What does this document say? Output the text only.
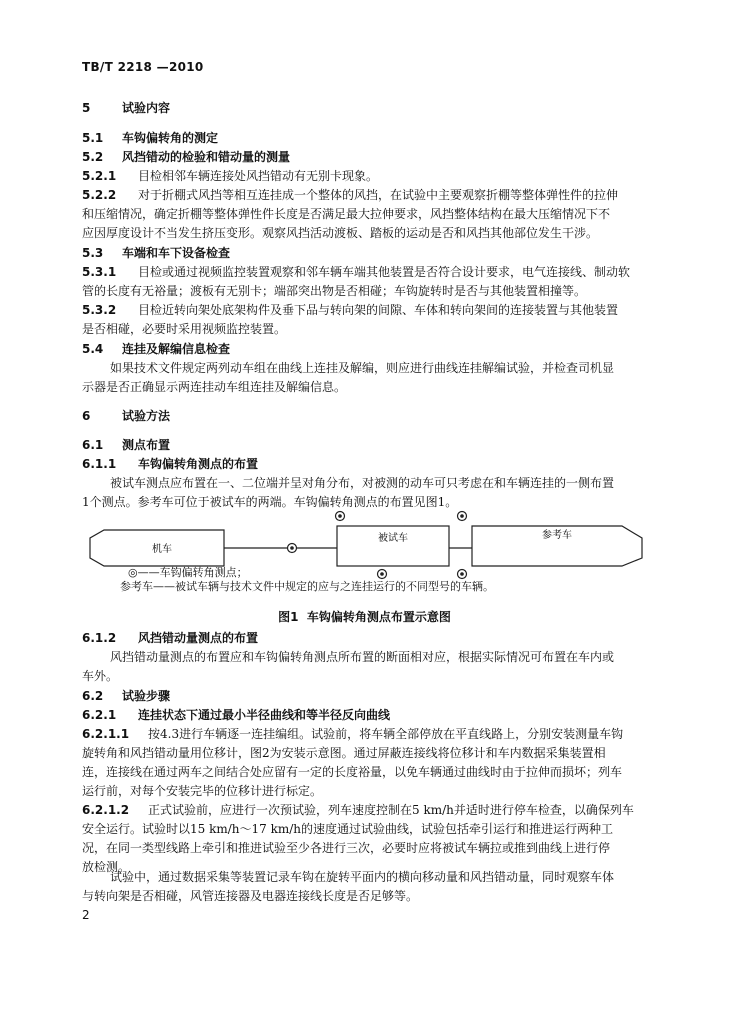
TB/T 2218 —2010
5	试验内容
5.1 车钩偏转角的测定
5.2 风挡错动的检验和错动量的测量
5.2.1 目检相邻车辆连接处风挡错动有无别卡现象。
5.2.2 对于折棚式风挡等相互连挂成一个整体的风挡，在试验中主要观察折棚等整体弹性件的拉伸
和压缩情况，确定折棚等整体弹性件长度是否满足最大拉伸要求，风挡整体结构在最大压缩情况下不
应因厚度设计不当发生挤压变形。观察风挡活动渡板、踏板的运动是否和风挡其他部位发生干涉。
5.3 车端和车下设备检查
5.3.1 目检或通过视频监控装置观察和邻车辆车端其他装置是否符合设计要求，电气连接线、制动软
管的长度有无裕量；渡板有无别卡；端部突出物是否相碰；车钩旋转时是否与其他装置相撞等。
5.3.2 目检近转向架处底架构件及垂下品与转向架的间隙、车体和转向架间的连接装置与其他装置
是否相碰，必要时采用视频监控装置。
5.4 连挂及解编信息检查
如果技术文件规定两列动车组在曲线上连挂及解编，则应进行曲线连挂解编试验，并检查司机显
示器是否正确显示两连挂动车组连挂及解编信息。
6	试验方法
6.1 测点布置
6.1.1 车钩偏转角测点的布置
被试车测点应布置在一、二位端并呈对角分布，对被测的动车可只考虑在和车辆连挂的一侧布置
1个测点。参考车可位于被试车的两端。车钩偏转角测点的布置见图1。
机车
被试车	参考车
◎——车钩偏转角测点；
参考车——被试车辆与技术文件中规定的应与之连挂运行的不同型号的车辆。
图1 车钩偏转角测点布置示意图
6.1.2 风挡错动量测点的布置
风挡错动量测点的布置应和车钩偏转角测点所布置的断面相对应，根据实际情况可布置在车内或
车外。
6.2 试验步骤
6.2.1 连挂状态下通过最小半径曲线和等半径反向曲线
6.2.1.1 按4.3进行车辆逐一连挂编组。试验前，将车辆全部停放在平直线路上，分别安装测量车钩
旋转角和风挡错动量用位移计，图2为安装示意图。通过屏蔽连接线将位移计和车内数据采集装置相
连，连接线在通过两车之间结合处应留有一定的长度裕量，以免车辆通过曲线时由于拉伸而损坏；列车
运行前，对每个安装完毕的位移计进行标定。
6.2.1.2 正式试验前，应进行一次预试验，列车速度控制在5 km/h并适时进行停车检查，以确保列车
安全运行。试验时以15 km/h～17 km/h的速度通过试验曲线，试验包括牵引运行和推进运行两种工
况，在同一类型线路上牵引和推进试验至少各进行三次，必要时应将被试车辆拉或推到曲线上进行停
放检测。
试验中，通过数据采集等装置记录车钩在旋转平面内的横向移动量和风挡错动量，同时观察车体
与转向架是否相碰，风管连接器及电器连接线长度是否足够等。
2
